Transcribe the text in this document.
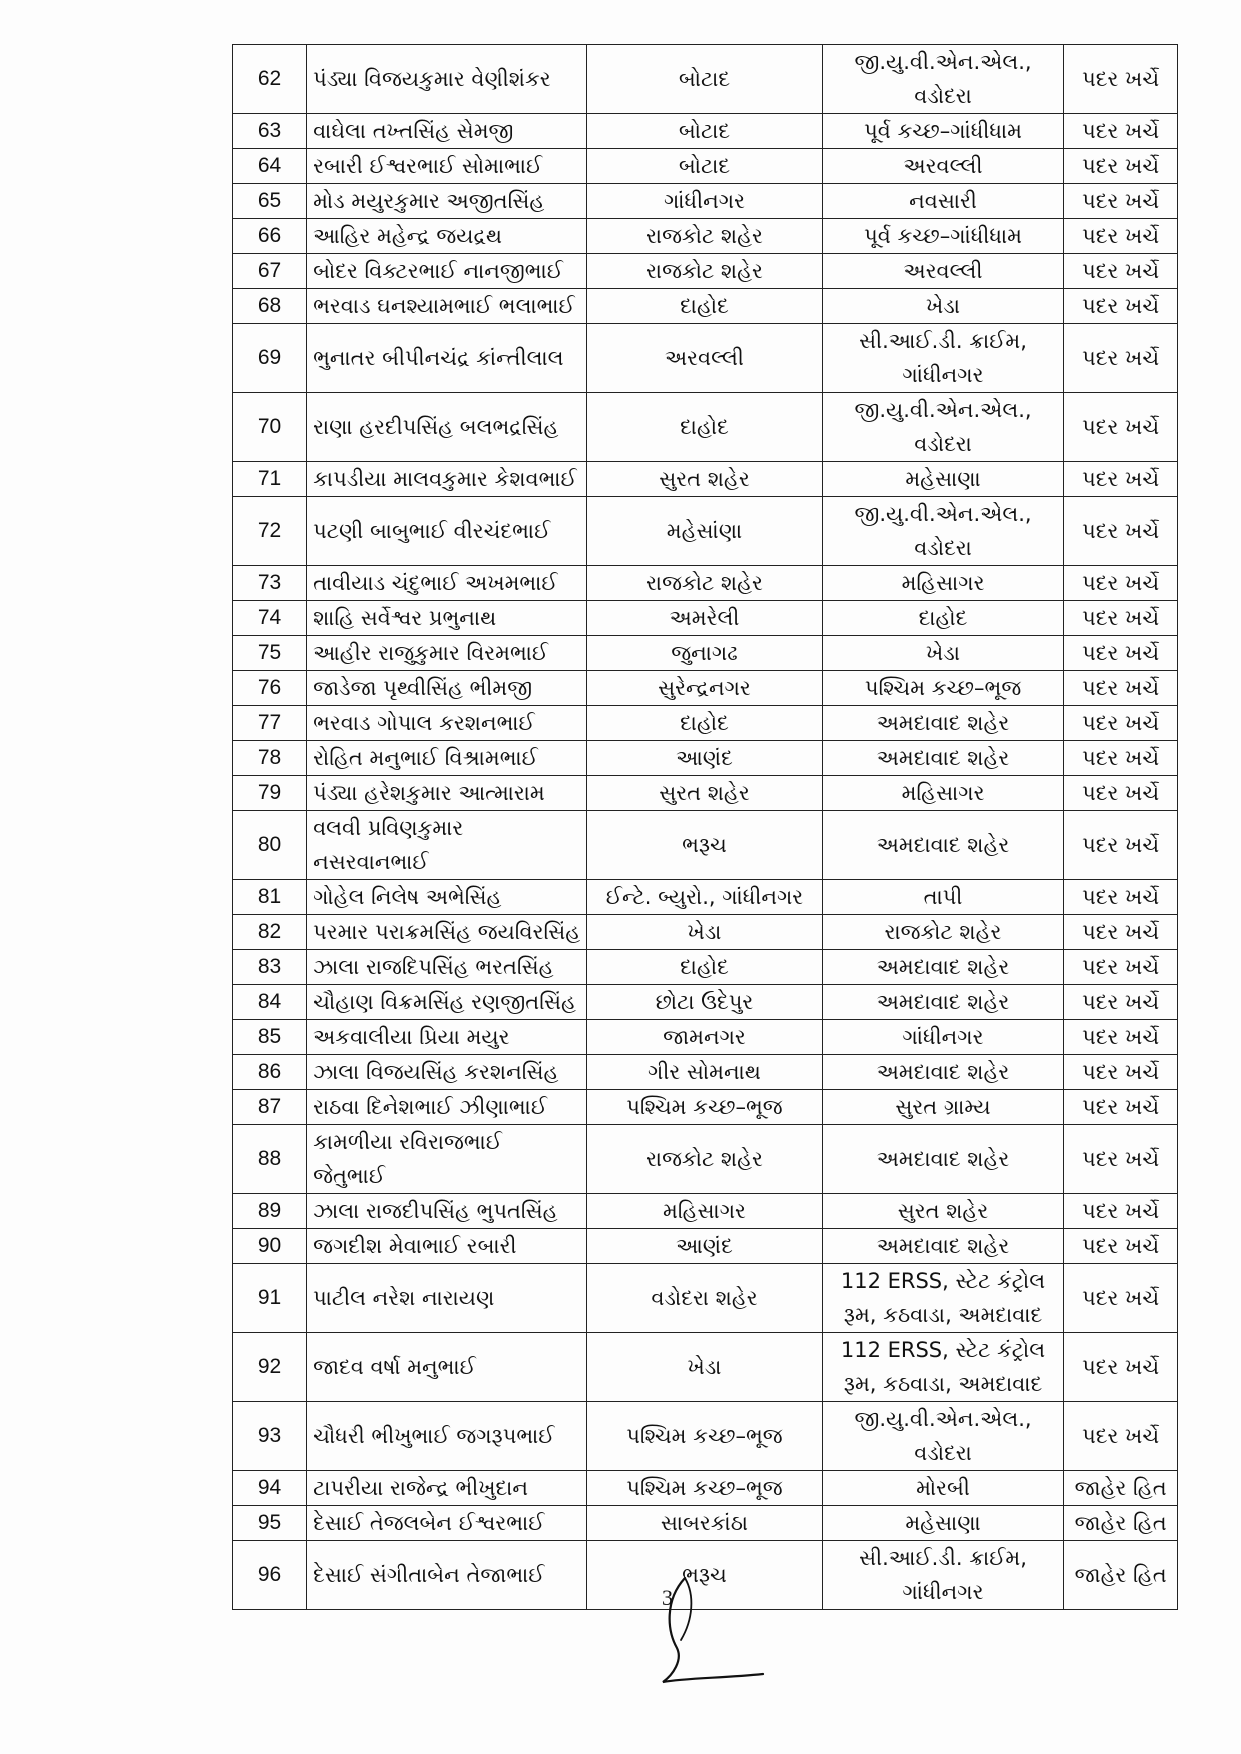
62	પંડ્યા વિજયકુમાર વેણીશંકર	બોટાદ	જી.યુ.વી.એન.એલ., વડોદરા	પદર ખર્ચે
63	વાઘેલા તખ્તસિંહ સેમજી	બોટાદ	પૂર્વ કચ્છ–ગાંધીધામ	પદર ખર્ચે
64	રબારી ઈશ્વરભાઈ સોમાભાઈ	બોટાદ	અરવલ્લી	પદર ખર્ચે
65	મોડ મયુરકુમાર અજીતસિંહ	ગાંધીનગર	નવસારી	પદર ખર્ચે
66	આહિર મહેન્દ્ર જયદ્રથ	રાજકોટ શહેર	પૂર્વ કચ્છ–ગાંધીધામ	પદર ખર્ચે
67	બોદર વિક્ટરભાઈ નાનજીભાઈ	રાજકોટ શહેર	અરવલ્લી	પદર ખર્ચે
68	ભરવાડ ઘનશ્યામભાઈ ભલાભાઈ	દાહોદ	ખેડા	પદર ખર્ચે
69	ભુનાતર બીપીનચંદ્ર કાંન્તીલાલ	અરવલ્લી	સી.આઈ.ડી. ક્રાઈમ, ગાંધીનગર	પદર ખર્ચે
70	રાણા હરદીપસિંહ બલભદ્રસિંહ	દાહોદ	જી.યુ.વી.એન.એલ., વડોદરા	પદર ખર્ચે
71	કાપડીયા માલવકુમાર કેશવભાઈ	સુરત શહેર	મહેસાણા	પદર ખર્ચે
72	પટણી બાબુભાઈ વીરચંદભાઈ	મહેસાંણા	જી.યુ.વી.એન.એલ., વડોદરા	પદર ખર્ચે
73	તાવીયાડ ચંદુભાઈ અખમભાઈ	રાજકોટ શહેર	મહિસાગર	પદર ખર્ચે
74	શાહિ સર્વેશ્વર પ્રભુનાથ	અમરેલી	દાહોદ	પદર ખર્ચે
75	આહીર રાજુકુમાર વિરમભાઈ	જુનાગઢ	ખેડા	પદર ખર્ચે
76	જાડેજા પૃથ્વીસિંહ ભીમજી	સુરેન્દ્રનગર	પશ્ચિમ કચ્છ–ભૂજ	પદર ખર્ચે
77	ભરવાડ ગોપાલ કરશનભાઈ	દાહોદ	અમદાવાદ શહેર	પદર ખર્ચે
78	રોહિત મનુભાઈ વિશ્રામભાઈ	આણંદ	અમદાવાદ શહેર	પદર ખર્ચે
79	પંડ્યા હરેશકુમાર આત્મારામ	સુરત શહેર	મહિસાગર	પદર ખર્ચે
80	વલવી પ્રવિણકુમાર નસરવાનભાઈ	ભરૂચ	અમદાવાદ શહેર	પદર ખર્ચે
81	ગોહેલ નિલેષ અભેસિંહ	ઈન્ટે. બ્યુરો., ગાંધીનગર	તાપી	પદર ખર્ચે
82	પરમાર પરાક્રમસિંહ જયવિરસિંહ	ખેડા	રાજકોટ શહેર	પદર ખર્ચે
83	ઝાલા રાજદિપસિંહ ભરતસિંહ	દાહોદ	અમદાવાદ શહેર	પદર ખર્ચે
84	ચૌહાણ વિક્રમસિંહ રણજીતસિંહ	છોટા ઉદેપુર	અમદાવાદ શહેર	પદર ખર્ચે
85	અકવાલીયા પ્રિયા મયુર	જામનગર	ગાંધીનગર	પદર ખર્ચે
86	ઝાલા વિજયસિંહ કરશનસિંહ	ગીર સોમનાથ	અમદાવાદ શહેર	પદર ખર્ચે
87	રાઠવા દિનેશભાઈ ઝીણાભાઈ	પશ્ચિમ કચ્છ–ભૂજ	સુરત ગ્રામ્ય	પદર ખર્ચે
88	કામળીયા રવિરાજભાઈ જેતુભાઈ	રાજકોટ શહેર	અમદાવાદ શહેર	પદર ખર્ચે
89	ઝાલા રાજદીપસિંહ ભુપતસિંહ	મહિસાગર	સુરત શહેર	પદર ખર્ચે
90	જગદીશ મેવાભાઈ રબારી	આણંદ	અમદાવાદ શહેર	પદર ખર્ચે
91	પાટીલ નરેશ નારાયણ	વડોદરા શહેર	112 ERSS, સ્ટેટ કંટ્રોલ રૂમ, કઠવાડા, અમદાવાદ	પદર ખર્ચે
92	જાદવ વર્ષા મનુભાઈ	ખેડા	112 ERSS, સ્ટેટ કંટ્રોલ રૂમ, કઠવાડા, અમદાવાદ	પદર ખર્ચે
93	ચૌધરી ભીખુભાઈ જગરૂપભાઈ	પશ્ચિમ કચ્છ–ભૂજ	જી.યુ.વી.એન.એલ., વડોદરા	પદર ખર્ચે
94	ટાપરીયા રાજેન્દ્ર ભીખુદાન	પશ્ચિમ કચ્છ–ભૂજ	મોરબી	જાહેર હિત
95	દેસાઈ તેજલબેન ઈશ્વરભાઈ	સાબરકાંઠા	મહેસાણા	જાહેર હિત
96	દેસાઈ સંગીતાબેન તેજાભાઈ	ભરૂચ	સી.આઈ.ડી. ક્રાઈમ, ગાંધીનગર	જાહેર હિત
3
